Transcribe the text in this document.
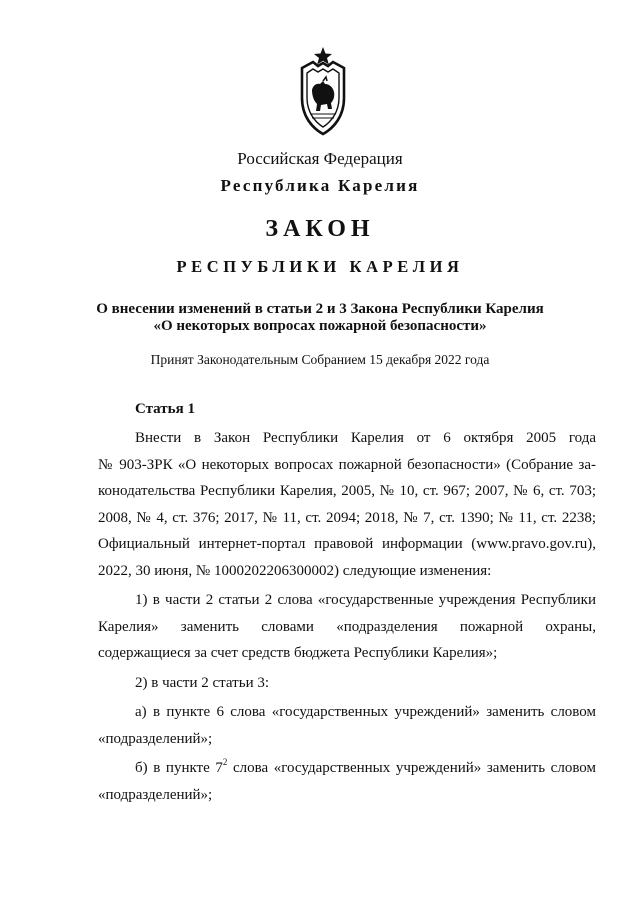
Российская Федерация
Республика Карелия
ЗАКОН
РЕСПУБЛИКИ КАРЕЛИЯ
О внесении изменений в статьи 2 и 3 Закона Республики Карелия
«О некоторых вопросах пожарной безопасности»
Принят Законодательным Собранием 15 декабря 2022 года
Статья 1

Внести в Закон Республики Карелия от 6 октября 2005 года

№ 903-ЗРК «О некоторых вопросах пожарной безопасности» (Собрание за-

конодательства Республики Карелия, 2005, № 10, ст. 967; 2007, № 6, ст. 703;

2008, № 4, ст. 376; 2017, № 11, ст. 2094; 2018, № 7, ст. 1390; № 11, ст. 2238;

Официальный интернет-портал правовой информации (www.pravo.gov.ru),

2022, 30 июня, № 1000202206300002) следующие изменения:

1) в части 2 статьи 2 слова «государственные учреждения Республики

Карелия» заменить словами «подразделения пожарной охраны,

содержащиеся за счет средств бюджета Республики Карелия»;

2) в части 2 статьи 3:

а) в пункте 6 слова «государственных учреждений» заменить словом

«подразделений»;

б) в пункте $7^2$ слова «государственных учреждений» заменить словом

«подразделений»;
